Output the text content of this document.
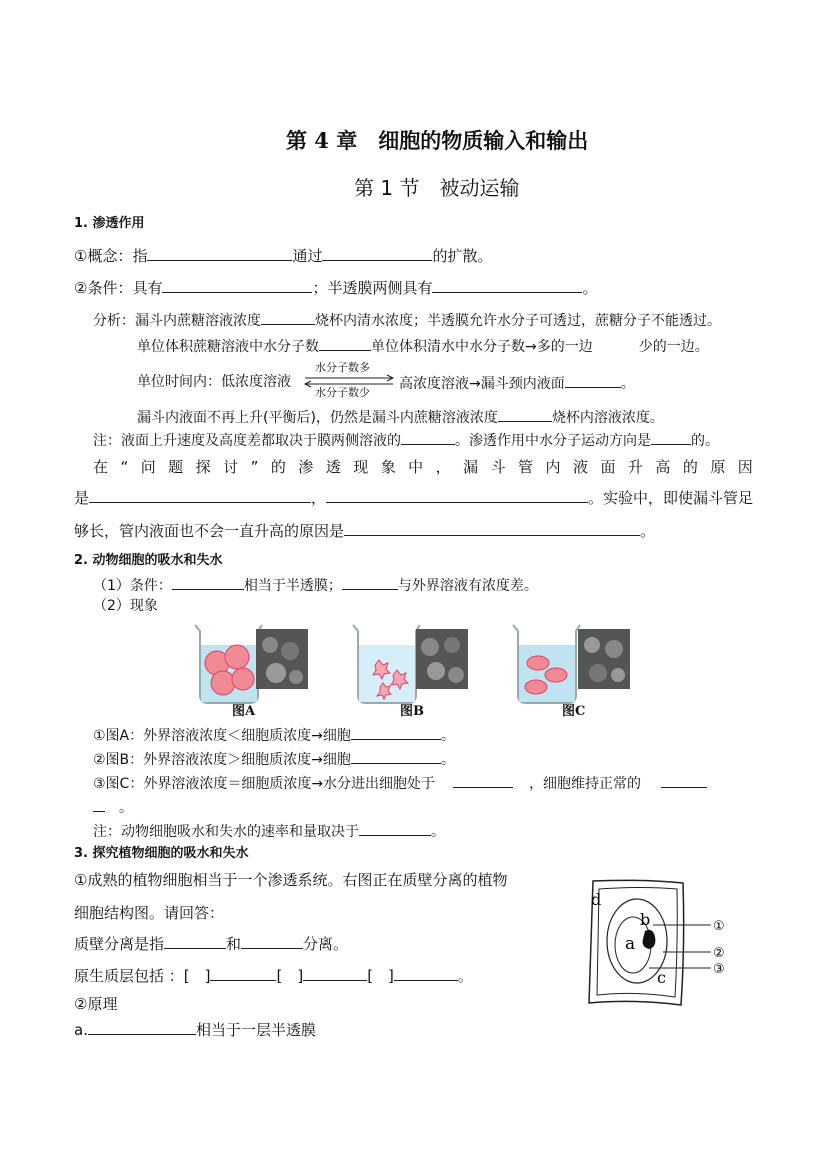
第 4 章　细胞的物质输入和输出
第 1 节　被动运输
1. 渗透作用
①概念：指	通过	的扩散。
②条件：具有	；半透膜两侧具有	。
分析：漏斗内蔗糖溶液浓度	烧杯内清水浓度；半透膜允许水分子可透过，蔗糖分子不能透过。
单位体积蔗糖溶液中水分子数	单位体积清水中水分子数→多的一边	少的一边。
单位时间内：低浓度溶液
水分子数多
水分子数少
高浓度溶液→漏斗颈内液面	。
漏斗内液面不再上升(平衡后)，仍然是漏斗内蔗糖溶液浓度	烧杯内溶液浓度。
注：液面上升速度及高度差都取决于膜两侧溶液的	。渗透作用中水分子运动方向是	的。
在 “ 问 题 探 讨 ” 的 渗 透 现 象 中 ， 漏 斗 管 内 液 面 升 高 的 原 因
是	，	。实验中，即使漏斗管足
够长，管内液面也不会一直升高的原因是	。
2. 动物细胞的吸水和失水
（1）条件：	相当于半透膜；	与外界溶液有浓度差。
（2）现象
图A	图B	图C
①图A：外界溶液浓度＜细胞质浓度→细胞	。
②图B：外界溶液浓度＞细胞质浓度→细胞	。
③图C：外界溶液浓度＝细胞质浓度→水分进出细胞处于	，细胞维持正常的
。
注：动物细胞吸水和失水的速率和量取决于	。
3. 探究植物细胞的吸水和失水
①成熟的植物细胞相当于一个渗透系统。右图正在质壁分离的植物
细胞结构图。请回答：
质壁分离是指	和	分离。
原生质层包括 ：[　]	[　]	[　]	。
②原理
a.	相当于一层半透膜
d
b
a
c
①
②
③
